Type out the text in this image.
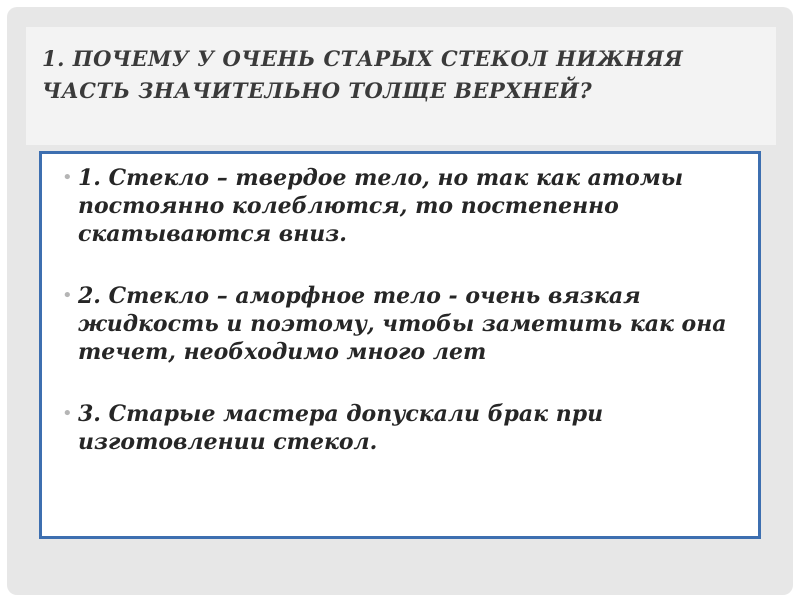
1. ПОЧЕМУ У ОЧЕНЬ СТАРЫХ СТЕКОЛ НИЖНЯЯ ЧАСТЬ ЗНАЧИТЕЛЬНО ТОЛЩЕ ВЕРХНЕЙ?
• 1. Стекло – твердое тело, но так как атомы постоянно колеблются, то постепенно скатываются вниз.
• 2. Стекло – аморфное тело - очень вязкая жидкость и поэтому, чтобы заметить как она течет, необходимо много лет
• 3. Старые мастера допускали брак при изготовлении стекол.
